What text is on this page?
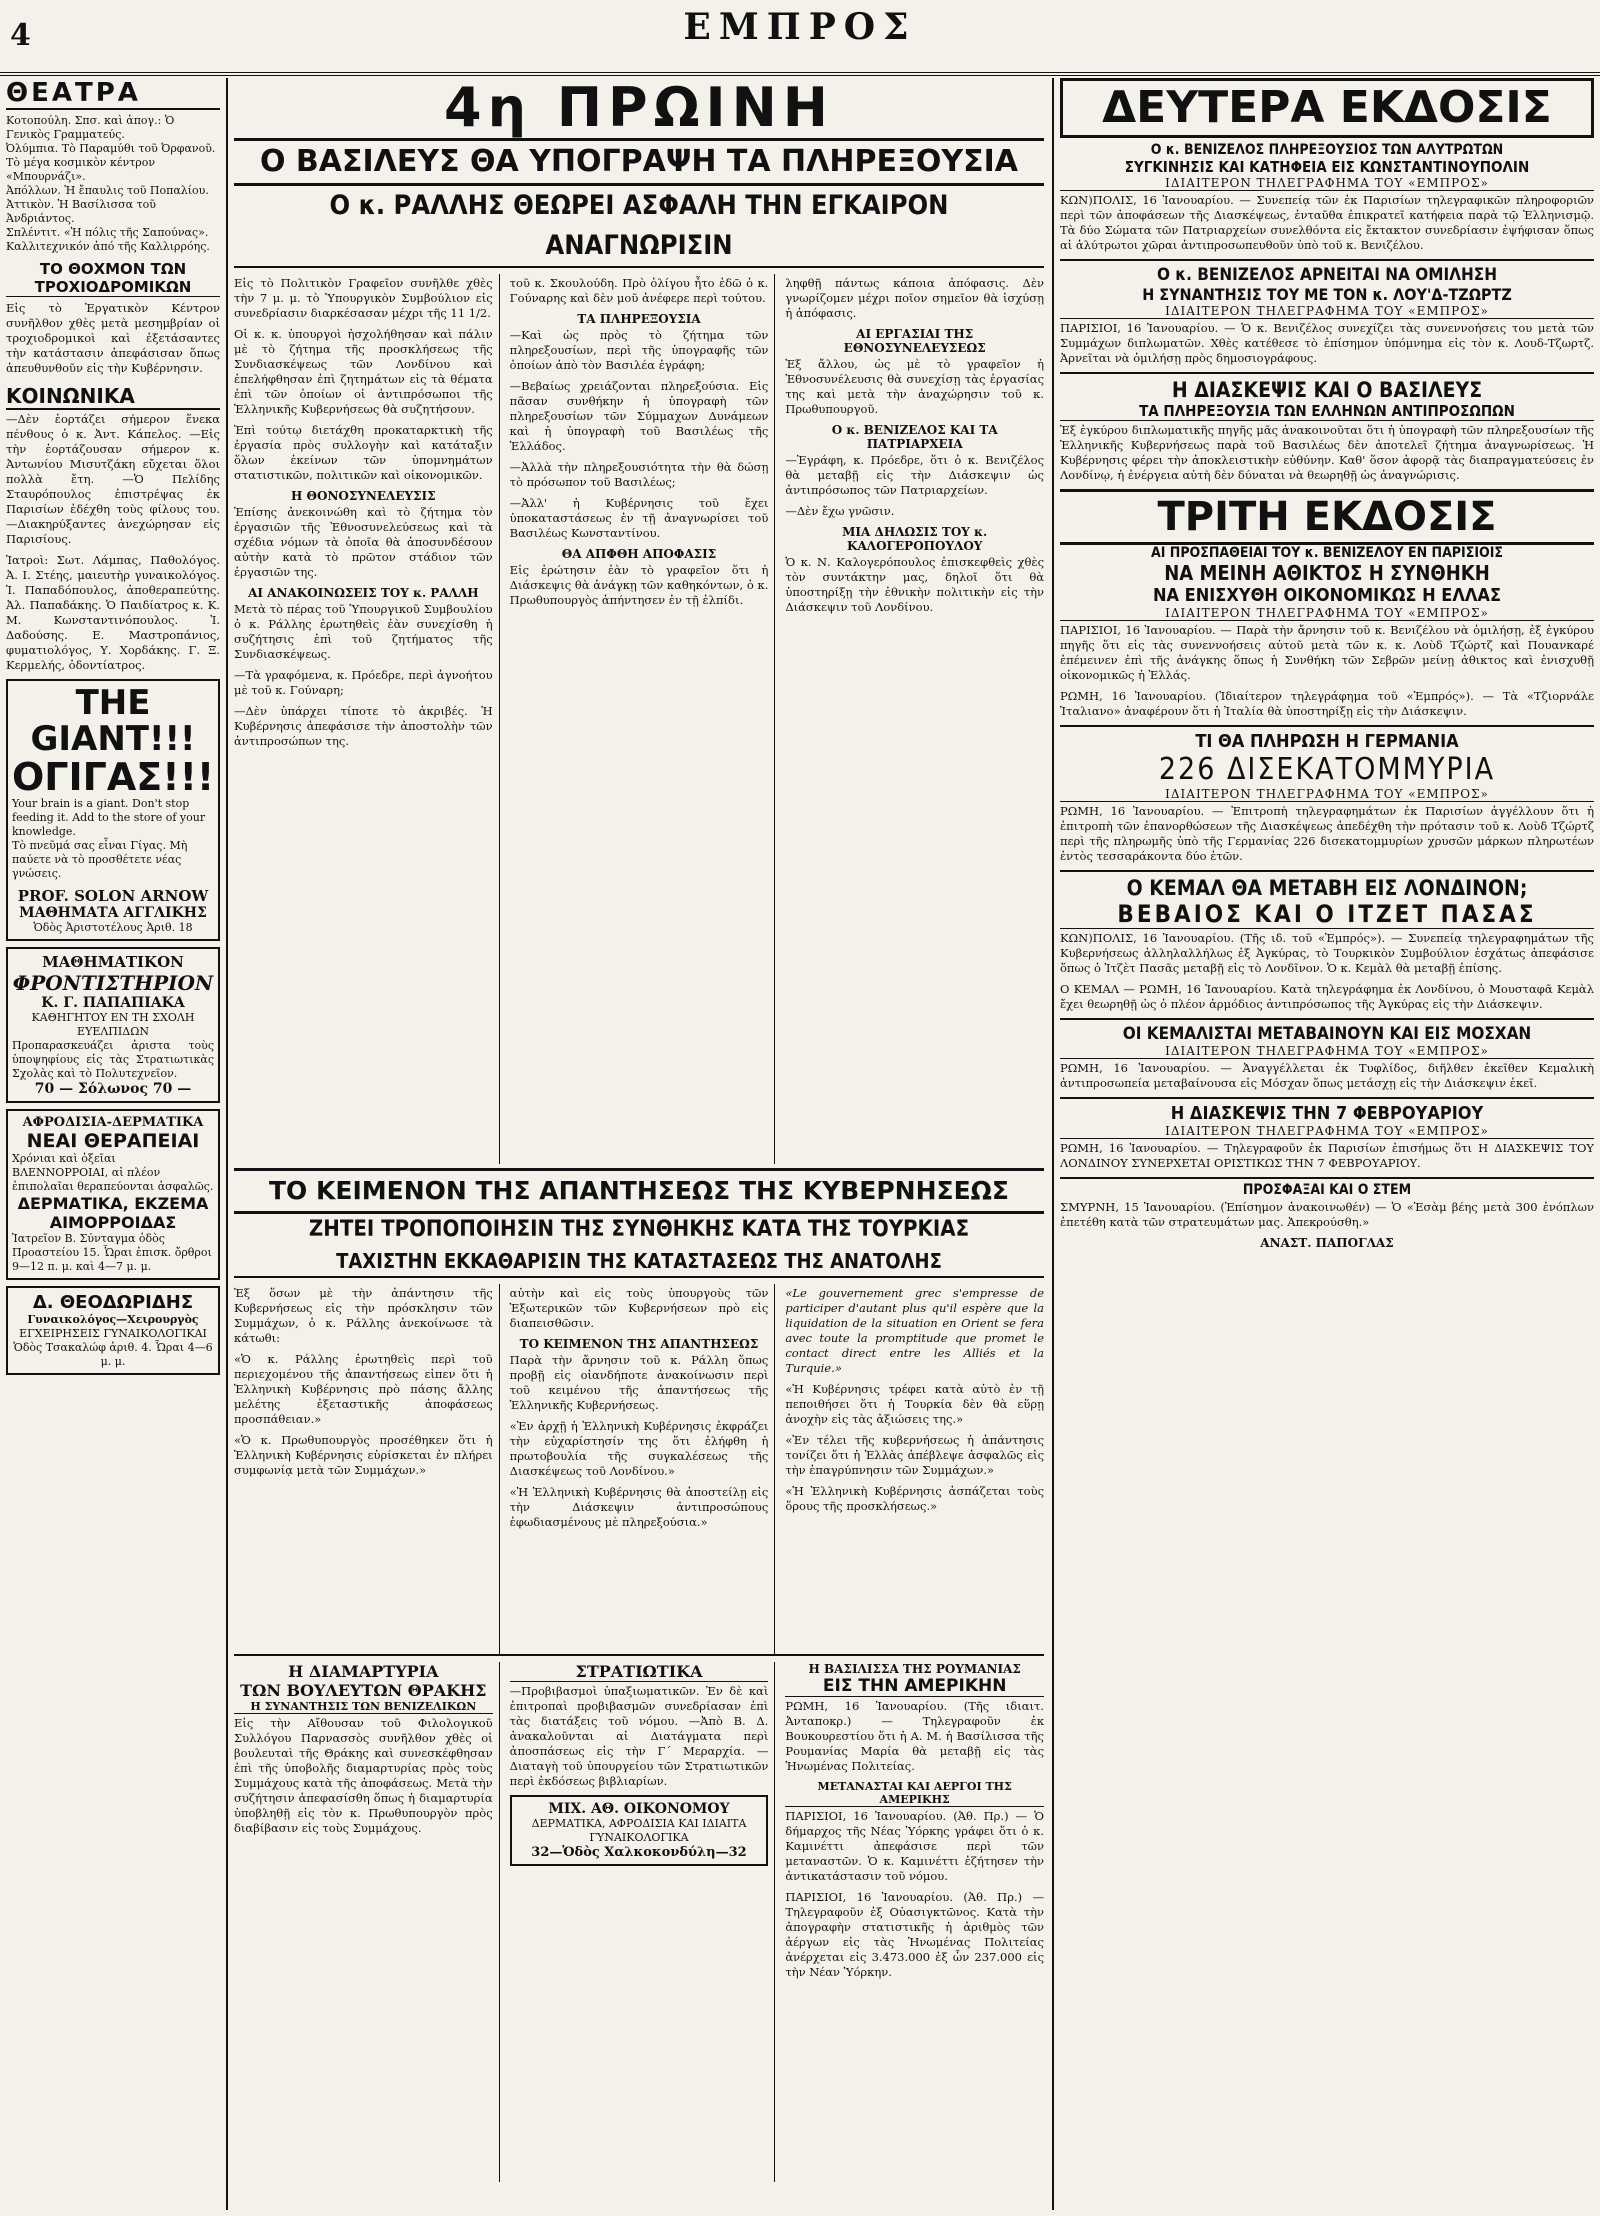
4	ΕΜΠΡΟΣ
ΘΕΑΤΡΑ
Κοτοπούλη. Σπσ. καὶ ἀπογ.: Ὁ Γενικὸς Γραμματεύς.
Ὀλύμπια. Τὸ Παραμύθι τοῦ Ὀρφανοῦ. Τὸ μέγα κοσμικὸν κέντρον «Μπουρνάζι».
Ἀπόλλων. Ἡ ἔπαυλις τοῦ Ποπαλίου.
Ἀττικὸν. Ἡ Βασίλισσα τοῦ Ἀνδριάντος.
Σπλέντιτ. «Ἡ πόλις τῆς Σαπούνας». Καλλιτεχνικόν ἀπό τῆς Καλλιρρόης.
ΤΟ ΘΟΧΜΟΝ ΤΩΝ ΤΡΟΧΙΟΔΡΟΜΙΚΩΝ
Εἰς τὸ Ἐργατικὸν Κέντρον συνῆλθον χθὲς μετὰ μεσημβρίαν οἱ τροχιοδρομικοὶ καὶ ἐξετάσαντες τὴν κατάστασιν ἀπεφάσισαν ὅπως ἀπευθυνθοῦν εἰς τὴν Κυβέρνησιν.
ΚΟΙΝΩΝΙΚΑ
—Δὲν ἑορτάζει σήμερον ἕνεκα πένθους ὁ κ. Ἀντ. Κάπελος. —Εἰς τὴν ἑορτάζουσαν σήμερον κ. Ἀντωνίου Μισυτζάκη εὔχεται ὅλοι πολλὰ ἔτη. —Ὁ Πελίδης Σταυρόπουλος ἐπιστρέψας ἐκ Παρισίων ἐδέχθη τοὺς φίλους του. —Διακηρύξαντες ἀνεχώρησαν εἰς Παρισίους.
Ἰατροὶ: Σωτ. Λάμπας, Παθολόγος. Ἀ. Ι. Στέης, μαιευτὴρ γυναικολόγος. Ἰ. Παπαδόπουλος, ἀποθεραπεύτης. Ἀλ. Παπαδάκης. Ὁ Παιδίατρος κ. Κ. Μ. Κωνσταντινόπουλος. Ἰ. Δαδούσης. Ε. Μαστροπάνιος, φυματιολόγος, Υ. Χορδάκης. Γ. Ξ. Κερμελής, ὁδοντίατρος.
THE GIANT!!!
ΟΓΙΓΑΣ!!!
Your brain is a giant. Don't stop feeding it. Add to the store of your knowledge.
Τὸ πνεῦμά σας εἶναι Γίγας. Μὴ παύετε νὰ τὸ προσθέτετε νέας γνώσεις.
PROF. SOLON ARNOW
ΜΑΘΗΜΑΤΑ ΑΓΓΛΙΚΗΣ
Ὁδὸς Ἀριστοτέλους Ἀριθ. 18
ΜΑΘΗΜΑΤΙΚΟΝ
ΦΡΟΝΤΙΣΤΗΡΙΟΝ
Κ. Γ. ΠΑΠΑΠΙΑΚΑ
ΚΑΘΗΓΗΤΟΥ ΕΝ ΤΗ ΣΧΟΛΗ ΕΥΕΛΠΙΔΩΝ
Προπαρασκευάζει ἀριστα τοὺς ὑποψηφίους εἰς τὰς Στρατιωτικὰς Σχολὰς καὶ τὸ Πολυτεχνεῖον.
70 — Σόλωνος 70 —
ΑΦΡΟΔΙΣΙΑ-ΔΕΡΜΑΤΙΚΑ
ΝΕΑΙ ΘΕΡΑΠΕΙΑΙ
Χρόνιαι καὶ ὀξεῖαι ΒΛΕΝΝΟΡΡΟΙΑΙ, αἱ πλέον ἐπιπολαῖαι θεραπεύονται ἀσφαλῶς.
ΔΕΡΜΑΤΙΚΑ, ΕΚΖΕΜΑ
ΑΙΜΟΡΡΟΙΔΑΣ
Ἰατρεῖον Β. Σύνταγμα ὁδὸς Προαστείου 15. Ὧραι ἐπισκ. ὄρθροι 9—12 π. μ. καὶ 4—7 μ. μ.
Δ. ΘΕΟΔΩΡΙΔΗΣ
Γυναικολόγος—Χειρουργὸς
ΕΓΧΕΙΡΗΣΕΙΣ ΓΥΝΑΙΚΟΛΟΓΙΚΑΙ
Ὁδὸς Τσακαλώφ ἀριθ. 4. Ὧραι 4—6 μ. μ.
4η ΠΡΩΙΝΗ
Ο ΒΑΣΙΛΕΥΣ ΘΑ ΥΠΟΓΡΑΨΗ ΤΑ ΠΛΗΡΕΞΟΥΣΙΑ
Ο κ. ΡΑΛΛΗΣ ΘΕΩΡΕΙ ΑΣΦΑΛΗ ΤΗΝ ΕΓΚΑΙΡΟΝ ΑΝΑΓΝΩΡΙΣΙΝ
Εἰς τὸ Πολιτικὸν Γραφεῖον συνῆλθε χθὲς τὴν 7 μ. μ. τὸ Ὑπουργικὸν Συμβούλιον εἰς συνεδρίασιν διαρκέσασαν μέχρι τῆς 11 1/2.
Οἱ κ. κ. ὑπουργοὶ ἠσχολήθησαν καὶ πάλιν μὲ τὸ ζήτημα τῆς προσκλήσεως τῆς Συνδιασκέψεως τῶν Λονδίνου καὶ ἐπελήφθησαν ἐπὶ ζητημάτων εἰς τὰ θέματα ἐπὶ τῶν ὁποίων οἱ ἀντιπρόσωποι τῆς Ἑλληνικῆς Κυβερνήσεως θὰ συζητήσουν.
Ἐπὶ τούτῳ διετάχθη προκαταρκτικὴ τῆς ἐργασία πρὸς συλλογὴν καὶ κατάταξιν ὅλων ἐκείνων τῶν ὑπομνημάτων στατιστικῶν, πολιτικῶν καὶ οἰκονομικῶν.
Η ΘΟΝΟΣΥΝΕΛΕΥΣΙΣ
Ἐπίσης ἀνεκοινώθη καὶ τὸ ζήτημα τὸν ἐργασιῶν τῆς Ἐθνοσυνελεύσεως καὶ τὰ σχέδια νόμων τὰ ὁποῖα θὰ ἀποσυνδέσουν αὐτὴν κατὰ τὸ πρῶτον στάδιον τῶν ἐργασιῶν της.
ΑΙ ΑΝΑΚΟΙΝΩΣΕΙΣ ΤΟΥ κ. ΡΑΛΛΗ
Μετὰ τὸ πέρας τοῦ Ὑπουργικοῦ Συμβουλίου ὁ κ. Ράλλης ἐρωτηθεὶς ἐὰν συνεχίσθη ἡ συζήτησις ἐπὶ τοῦ ζητήματος τῆς Συνδιασκέψεως.
—Τὰ γραφόμενα, κ. Πρόεδρε, περὶ ἀγνοήτου μὲ τοῦ κ. Γούναρη;
—Δὲν ὑπάρχει τίποτε τὸ ἀκριβές. Ἡ Κυβέρνησις ἀπεφάσισε τὴν ἀποστολὴν τῶν ἀντιπροσώπων της.
τοῦ κ. Σκουλούδη. Πρὸ ὀλίγου ἦτο ἐδῶ ὁ κ. Γούναρης καὶ δὲν μοῦ ἀνέφερε περὶ τούτου.
ΤΑ ΠΛΗΡΕΞΟΥΣΙΑ
—Καὶ ὡς πρὸς τὸ ζήτημα τῶν πληρεξουσίων, περὶ τῆς ὑπογραφῆς τῶν ὁποίων ἀπὸ τὸν Βασιλέα ἐγράφη;
—Βεβαίως χρειάζονται πληρεξούσια. Εἰς πᾶσαν συνθήκην ἡ ὑπογραφὴ τῶν πληρεξουσίων τῶν Σύμμαχων Δυνάμεων καὶ ἡ ὑπογραφὴ τοῦ Βασιλέως τῆς Ἑλλάδος.
—Ἀλλὰ τὴν πληρεξουσιότητα τὴν θὰ δώσῃ τὸ πρόσωπον τοῦ Βασιλέως;
—Ἀλλ' ἡ Κυβέρνησις τοῦ ἔχει ὑποκαταστάσεως ἐν τῇ ἀναγνωρίσει τοῦ Βασιλέως Κωνσταντίνου.
ΘΑ ΑΠΦΘΗ ΑΠΟΦΑΣΙΣ
Εἰς ἐρώτησιν ἐὰν τὸ γραφεῖον ὅτι ἡ Διάσκεψις θὰ ἀνάγκῃ τῶν καθηκόντων, ὁ κ. Πρωθυπουργὸς ἀπήντησεν ἐν τῇ ἐλπίδι.
ληφθῇ πάντως κάποια ἀπόφασις. Δὲν γνωρίζομεν μέχρι ποῖον σημεῖον θὰ ἰσχύσῃ ἡ ἀπόφασις.
ΑΙ ΕΡΓΑΣΙΑΙ ΤΗΣ ΕΘΝΟΣΥΝΕΛΕΥΣΕΩΣ
Ἐξ ἄλλου, ὡς μὲ τὸ γραφεῖον ἡ Ἐθνοσυνέλευσις θὰ συνεχίσῃ τὰς ἐργασίας της καὶ μετὰ τὴν ἀναχώρησιν τοῦ κ. Πρωθυπουργοῦ.
Ο κ. ΒΕΝΙΖΕΛΟΣ ΚΑΙ ΤΑ ΠΑΤΡΙΑΡΧΕΙΑ
—Ἐγράφη, κ. Πρόεδρε, ὅτι ὁ κ. Βενιζέλος θὰ μεταβῇ εἰς τὴν Διάσκεψιν ὡς ἀντιπρόσωπος τῶν Πατριαρχείων.
—Δὲν ἔχω γνῶσιν.
ΜΙΑ ΔΗΛΩΣΙΣ ΤΟΥ κ. ΚΑΛΟΓΕΡΟΠΟΥΛΟΥ
Ὁ κ. Ν. Καλογερόπουλος ἐπισκεφθεὶς χθὲς τὸν συντάκτην μας, δηλοῖ ὅτι θὰ ὑποστηρίξῃ τὴν ἐθνικὴν πολιτικὴν εἰς τὴν Διάσκεψιν τοῦ Λονδίνου.
ΤΟ ΚΕΙΜΕΝΟΝ ΤΗΣ ΑΠΑΝΤΗΣΕΩΣ ΤΗΣ ΚΥΒΕΡΝΗΣΕΩΣ
ΖΗΤΕΙ ΤΡΟΠΟΠΟΙΗΣΙΝ ΤΗΣ ΣΥΝΘΗΚΗΣ ΚΑΤΑ ΤΗΣ ΤΟΥΡΚΙΑΣ
ΤΑΧΙΣΤΗΝ ΕΚΚΑΘΑΡΙΣΙΝ ΤΗΣ ΚΑΤΑΣΤΑΣΕΩΣ ΤΗΣ ΑΝΑΤΟΛΗΣ
Ἐξ ὅσων μὲ τὴν ἀπάντησιν τῆς Κυβερνήσεως εἰς τὴν πρόσκλησιν τῶν Συμμάχων, ὁ κ. Ράλλης ἀνεκοίνωσε τὰ κάτωθι:
«Ὁ κ. Ράλλης ἐρωτηθεὶς περὶ τοῦ περιεχομένου τῆς ἀπαντήσεως εἰπεν ὅτι ἡ Ἑλληνικὴ Κυβέρνησις πρὸ πάσης ἄλλης μελέτης ἐξεταστικῆς ἀποφάσεως προσπάθειαν.»
«Ὁ κ. Πρωθυπουργὸς προσέθηκεν ὅτι ἡ Ἑλληνικὴ Κυβέρνησις εὑρίσκεται ἐν πλήρει συμφωνίᾳ μετὰ τῶν Συμμάχων.»
αὐτὴν καὶ εἰς τοὺς ὑπουργοὺς τῶν Ἐξωτερικῶν τῶν Κυβερνήσεων πρὸ εἰς διαπεισθῶσιν.
ΤΟ ΚΕΙΜΕΝΟΝ ΤΗΣ ΑΠΑΝΤΗΣΕΩΣ
Παρὰ τὴν ἄρνησιν τοῦ κ. Ράλλη ὅπως προβῇ εἰς οἰανδήποτε ἀνακοίνωσιν περὶ τοῦ κειμένου τῆς ἀπαντήσεως τῆς Ἑλληνικῆς Κυβερνήσεως.
«Ἐν ἀρχῇ ἡ Ἑλληνικὴ Κυβέρνησις ἐκφράζει τὴν εὐχαρίστησίν της ὅτι ἐλήφθη ἡ πρωτοβουλία τῆς συγκαλέσεως τῆς Διασκέψεως τοῦ Λονδίνου.»
«Ἡ Ἑλληνικὴ Κυβέρνησις θὰ ἀποστείλῃ εἰς τὴν Διάσκεψιν ἀντιπροσώπους ἐφωδιασμένους μὲ πληρεξούσια.»
«Le gouvernement grec s'empresse de participer d'autant plus qu'il espère que la liquidation de la situation en Orient se fera avec toute la promptitude que promet le contact direct entre les Alliés et la Turquie.»
«Ἡ Κυβέρνησις τρέφει κατὰ αὐτὸ ἐν τῇ πεποιθήσει ὅτι ἡ Τουρκία δὲν θὰ εὕρῃ ἀνοχὴν εἰς τὰς ἀξιώσεις της.»
«Ἐν τέλει τῆς κυβερνήσεως ἡ ἀπάντησις τονίζει ὅτι ἡ Ἑλλὰς ἀπέβλεψε ἀσφαλῶς εἰς τὴν ἐπαγρύπνησιν τῶν Συμμάχων.»
«Ἡ Ἑλληνικὴ Κυβέρνησις ἀσπάζεται τοὺς ὅρους τῆς προσκλήσεως.»
Η ΔΙΑΜΑΡΤΥΡΙΑ
ΤΩΝ ΒΟΥΛΕΥΤΩΝ ΘΡΑΚΗΣ
Η ΣΥΝΑΝΤΗΣΙΣ ΤΩΝ ΒΕΝΙΖΕΛΙΚΩΝ
Εἰς τὴν Αἴθουσαν τοῦ Φιλολογικοῦ Συλλόγου Παρνασσὸς συνῆλθον χθὲς οἱ βουλευταὶ τῆς Θράκης καὶ συνεσκέφθησαν ἐπὶ τῆς ὑποβολῆς διαμαρτυρίας πρὸς τοὺς Συμμάχους κατὰ τῆς ἀποφάσεως. Μετὰ τὴν συζήτησιν ἀπεφασίσθη ὅπως ἡ διαμαρτυρία ὑποβληθῇ εἰς τὸν κ. Πρωθυπουργὸν πρὸς διαβίβασιν εἰς τοὺς Συμμάχους.
ΣΤΡΑΤΙΩΤΙΚΑ
—Προβιβασμοὶ ὑπαξιωματικῶν. Ἐν δὲ καὶ ἐπιτροπαὶ προβιβασμῶν συνεδρίασαν ἐπὶ τὰς διατάξεις τοῦ νόμου. —Ἀπὸ Β. Δ. ἀνακαλοῦνται αἱ Διατάγματα περὶ ἀποσπάσεως εἰς τὴν Γ΄ Μεραρχία. —Διαταγὴ τοῦ ὑπουργείου τῶν Στρατιωτικῶν περὶ ἐκδόσεως βιβλιαρίων.
ΜΙΧ. ΑΘ. ΟΙΚΟΝΟΜΟΥ
ΔΕΡΜΑΤΙΚΑ, ΑΦΡΟΔΙΣΙΑ ΚΑΙ ΙΔΙΑΙΤΑ ΓΥΝΑΙΚΟΛΟΓΙΚΑ
32—Ὁδὸς Χαλκοκονδύλη—32
Η ΒΑΣΙΛΙΣΣΑ ΤΗΣ ΡΟΥΜΑΝΙΑΣ
ΕΙΣ ΤΗΝ ΑΜΕΡΙΚΗΝ
ΡΩΜΗ, 16 Ἰανουαρίου. (Τῆς ιδιαιτ. Ἀνταποκρ.) — Τηλεγραφοῦν ἐκ Βουκουρεστίου ὅτι ἡ Α. Μ. ἡ Βασίλισσα τῆς Ρουμανίας Μαρία θὰ μεταβῇ εἰς τὰς Ἡνωμένας Πολιτείας.
ΜΕΤΑΝΑΣΤΑΙ ΚΑΙ ΑΕΡΓΟΙ ΤΗΣ ΑΜΕΡΙΚΗΣ
ΠΑΡΙΣΙΟΙ, 16 Ἰανουαρίου. (Ἀθ. Πρ.) — Ὁ δήμαρχος τῆς Νέας Ὑόρκης γράφει ὅτι ὁ κ. Καμινέττι ἀπεφάσισε περὶ τῶν μεταναστῶν. Ὁ κ. Καμινέττι ἐζήτησεν τὴν ἀντικατάστασιν τοῦ νόμου.
ΠΑΡΙΣΙΟΙ, 16 Ἰανουαρίου. (Ἀθ. Πρ.) — Τηλεγραφοῦν ἐξ Οὐασιγκτῶνος. Κατὰ τὴν ἀπογραφὴν στατιστικῆς ἡ ἀριθμὸς τῶν ἀέργων εἰς τὰς Ἡνωμένας Πολιτείας ἀνέρχεται εἰς 3.473.000 ἐξ ὧν 237.000 εἰς τὴν Νέαν Ὑόρκην.
ΔΕΥΤΕΡΑ ΕΚΔΟΣΙΣ
Ο κ. ΒΕΝΙΖΕΛΟΣ ΠΛΗΡΕΞΟΥΣΙΟΣ ΤΩΝ ΑΛΥΤΡΩΤΩΝ
ΣΥΓΚΙΝΗΣΙΣ ΚΑΙ ΚΑΤΗΦΕΙΑ ΕΙΣ ΚΩΝΣΤΑΝΤΙΝΟΥΠΟΛΙΝ
ΙΔΙΑΙΤΕΡΟΝ ΤΗΛΕΓΡΑΦΗΜΑ ΤΟΥ «ΕΜΠΡΟΣ»
ΚΩΝ)ΠΟΛΙΣ, 16 Ἰανουαρίου. — Συνεπείᾳ τῶν ἐκ Παρισίων τηλεγραφικῶν πληροφοριῶν περὶ τῶν ἀποφάσεων τῆς Διασκέψεως, ἐνταῦθα ἐπικρατεῖ κατήφεια παρὰ τῷ Ἑλληνισμῷ. Τὰ δύο Σώματα τῶν Πατριαρχείων συνελθόντα εἰς ἔκτακτον συνεδρίασιν ἐψήφισαν ὅπως αἱ ἀλύτρωτοι χῶραι ἀντιπροσωπευθοῦν ὑπὸ τοῦ κ. Βενιζέλου.
Ο κ. ΒΕΝΙΖΕΛΟΣ ΑΡΝΕΙΤΑΙ ΝΑ ΟΜΙΛΗΣΗ
Η ΣΥΝΑΝΤΗΣΙΣ ΤΟΥ ΜΕ ΤΟΝ κ. ΛΟΥ'Δ-ΤΖΩΡΤΖ
ΙΔΙΑΙΤΕΡΟΝ ΤΗΛΕΓΡΑΦΗΜΑ ΤΟΥ «ΕΜΠΡΟΣ»
ΠΑΡΙΣΙΟΙ, 16 Ἰανουαρίου. — Ὁ κ. Βενιζέλος συνεχίζει τὰς συνεννοήσεις του μετὰ τῶν Συμμάχων διπλωματῶν. Χθὲς κατέθεσε τὸ ἐπίσημον ὑπόμνημα εἰς τὸν κ. Λουδ-Τζωρτζ. Ἀρνεῖται νὰ ὁμιλήσῃ πρὸς δημοσιογράφους.
Η ΔΙΑΣΚΕΨΙΣ ΚΑΙ Ο ΒΑΣΙΛΕΥΣ
ΤΑ ΠΛΗΡΕΞΟΥΣΙΑ ΤΩΝ ΕΛΛΗΝΩΝ ΑΝΤΙΠΡΟΣΩΠΩΝ
Ἐξ ἐγκύρου διπλωματικῆς πηγῆς μᾶς ἀνακοινοῦται ὅτι ἡ ὑπογραφὴ τῶν πληρεξουσίων τῆς Ἑλληνικῆς Κυβερνήσεως παρὰ τοῦ Βασιλέως δὲν ἀποτελεῖ ζήτημα ἀναγνωρίσεως. Ἡ Κυβέρνησις φέρει τὴν ἀποκλειστικὴν εὐθύνην. Καθ' ὅσον ἀφορᾷ τὰς διαπραγματεύσεις ἐν Λονδίνῳ, ἡ ἐνέργεια αὐτὴ δὲν δύναται νὰ θεωρηθῇ ὡς ἀναγνώρισις.
ΤΡΙΤΗ ΕΚΔΟΣΙΣ
ΑΙ ΠΡΟΣΠΑΘΕΙΑΙ ΤΟΥ κ. ΒΕΝΙΖΕΛΟΥ ΕΝ ΠΑΡΙΣΙΟΙΣ
ΝΑ ΜΕΙΝΗ ΑΘΙΚΤΟΣ Η ΣΥΝΘΗΚΗ
ΝΑ ΕΝΙΣΧΥΘΗ ΟΙΚΟΝΟΜΙΚΩΣ Η ΕΛΛΑΣ
ΙΔΙΑΙΤΕΡΟΝ ΤΗΛΕΓΡΑΦΗΜΑ ΤΟΥ «ΕΜΠΡΟΣ»
ΠΑΡΙΣΙΟΙ, 16 Ἰανουαρίου. — Παρὰ τὴν ἄρνησιν τοῦ κ. Βενιζέλου νὰ ὁμιλήσῃ, ἐξ ἐγκύρου πηγῆς ὅτι εἰς τὰς συνεννοήσεις αὐτοῦ μετὰ τῶν κ. κ. Λοὺδ Τζώρτζ καὶ Πουανκαρέ ἐπέμεινεν ἐπὶ τῆς ἀνάγκης ὅπως ἡ Συνθήκη τῶν Σεβρῶν μείνῃ ἀθικτος καὶ ἐνισχυθῇ οἰκονομικῶς ἡ Ἑλλάς.
ΡΩΜΗ, 16 Ἰανουαρίου. (Ἰδιαίτερον τηλεγράφημα τοῦ «Ἐμπρός»). — Τὰ «Τζιορνάλε Ἰταλιανο» ἀναφέρουν ὅτι ἡ Ἰταλία θὰ ὑποστηρίξῃ εἰς τὴν Διάσκεψιν.
ΤΙ ΘΑ ΠΛΗΡΩΣΗ Η ΓΕΡΜΑΝΙΑ
226 ΔΙΣΕΚΑΤΟΜΜΥΡΙΑ
ΙΔΙΑΙΤΕΡΟΝ ΤΗΛΕΓΡΑΦΗΜΑ ΤΟΥ «ΕΜΠΡΟΣ»
ΡΩΜΗ, 16 Ἰανουαρίου. — Ἐπιτροπὴ τηλεγραφημάτων ἐκ Παρισίων ἀγγέλλουν ὅτι ἡ ἐπιτροπὴ τῶν ἐπανορθώσεων τῆς Διασκέψεως ἀπεδέχθη τὴν πρότασιν τοῦ κ. Λοὺδ Τζώρτζ περὶ τῆς πληρωμῆς ὑπὸ τῆς Γερμανίας 226 δισεκατομμυρίων χρυσῶν μάρκων πληρωτέων ἐντὸς τεσσαράκοντα δύο ἐτῶν.
Ο ΚΕΜΑΛ ΘΑ ΜΕΤΑΒΗ ΕΙΣ ΛΟΝΔΙΝΟΝ;
ΒΕΒΑΙΟΣ ΚΑΙ Ο ΙΤΖΕΤ ΠΑΣΑΣ
ΚΩΝ)ΠΟΛΙΣ, 16 Ἰανουαρίου. (Τῆς ιδ. τοῦ «Ἐμπρός»). — Συνεπείᾳ τηλεγραφημάτων τῆς Κυβερνήσεως ἀλληλαλλήλως ἐξ Ἀγκύρας, τὸ Τουρκικὸν Συμβούλιον ἐσχάτως ἀπεφάσισε ὅπως ὁ Ἰτζὲτ Πασᾶς μεταβῇ εἰς τὸ Λονδῖνον. Ὁ κ. Κεμὰλ θὰ μεταβῇ ἐπίσης.
Ο ΚΕΜΑΛ — ΡΩΜΗ, 16 Ἰανουαρίου. Κατὰ τηλεγράφημα ἐκ Λονδίνου, ὁ Μουσταφᾶ Κεμὰλ ἔχει θεωρηθῇ ὡς ὁ πλέον ἁρμόδιος ἀντιπρόσωπος τῆς Ἀγκύρας εἰς τὴν Διάσκεψιν.
ΟΙ ΚΕΜΑΛΙΣΤΑΙ ΜΕΤΑΒΑΙΝΟΥΝ ΚΑΙ ΕΙΣ ΜΟΣΧΑΝ
ΙΔΙΑΙΤΕΡΟΝ ΤΗΛΕΓΡΑΦΗΜΑ ΤΟΥ «ΕΜΠΡΟΣ»
ΡΩΜΗ, 16 Ἰανουαρίου. — Ἀναγγέλλεται ἐκ Τυφλίδος, διῆλθεν ἐκεῖθεν Κεμαλικὴ ἀντιπροσωπεία μεταβαίνουσα εἰς Μόσχαν ὅπως μετάσχῃ εἰς τὴν Διάσκεψιν ἐκεῖ.
Η ΔΙΑΣΚΕΨΙΣ ΤΗΝ 7 ΦΕΒΡΟΥΑΡΙΟΥ
ΙΔΙΑΙΤΕΡΟΝ ΤΗΛΕΓΡΑΦΗΜΑ ΤΟΥ «ΕΜΠΡΟΣ»
ΡΩΜΗ, 16 Ἰανουαρίου. — Τηλεγραφοῦν ἐκ Παρισίων ἐπισήμως ὅτι Η ΔΙΑΣΚΕΨΙΣ ΤΟΥ ΛΟΝΔΙΝΟΥ ΣΥΝΕΡΧΕΤΑΙ ΟΡΙΣΤΙΚΩΣ ΤΗΝ 7 ΦΕΒΡΟΥΑΡΙΟΥ.
ΠΡΟΣΦΑΞΑΙ ΚΑΙ Ο ΣΤΕΜ
ΣΜΥΡΝΗ, 15 Ἰανουαρίου. (Ἐπίσημον ἀνακοινωθέν) — Ὁ «Ἐσὰμ βέης μετὰ 300 ἐνόπλων ἐπετέθη κατὰ τῶν στρατευμάτων μας. Ἀπεκρούσθη.»
ΑΝΑΣΤ. ΠΑΠΟΓΛΑΣ
